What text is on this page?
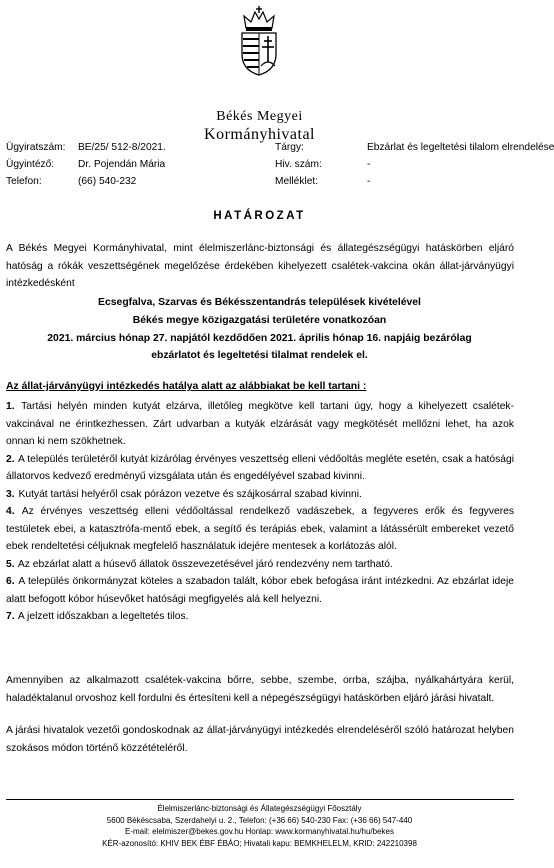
Békés Megyei
Kormányhivatal
Ügyiratszám:	BE/25/ 512-8/2021.
Ügyintéző:	Dr. Pojendán Mária
Telefon:	(66) 540-232
Tárgy:	Ebzárlat és legeltetési tilalom elrendelése
Hiv. szám:	-
Melléklet:	-
HATÁROZAT
A Békés Megyei Kormányhivatal, mint élelmiszerlánc-biztonsági és állategészségügyi hatáskörben eljáró hatóság a rókák veszettségének megelőzése érdekében kihelyezett csalétek-vakcina okán állat-járványügyi intézkedésként
Ecsegfalva, Szarvas és Békésszentandrás települések kivételével
Békés megye közigazgatási területére vonatkozóan
2021. március hónap 27. napjától kezdődően 2021. április hónap 16. napjáig bezárólag
ebzárlatot és legeltetési tilalmat rendelek el.
Az állat-járványügyi intézkedés hatálya alatt az alábbiakat be kell tartani :
1. Tartási helyén minden kutyát elzárva, illetőleg megkötve kell tartani úgy, hogy a kihelyezett csalétek-vakcinával ne érintkezhessen. Zárt udvarban a kutyák elzárását vagy megkötését mellőzni lehet, ha azok onnan ki nem szökhetnek.
2. A település területéről kutyát kizárólag érvényes veszettség elleni védőoltás megléte esetén, csak a hatósági állatorvos kedvező eredményű vizsgálata után és engedélyével szabad kivinni.
3. Kutyát tartási helyéről csak pórázon vezetve és szájkosárral szabad kivinni.
4. Az érvényes veszettség elleni védőoltással rendelkező vadászebek, a fegyveres erők és fegyveres testületek ebei, a katasztrófa-mentő ebek, a segítő és terápiás ebek, valamint a látássérült embereket vezető ebek rendeltetési céljuknak megfelelő használatuk idejére mentesek a korlátozás alól.
5. Az ebzárlat alatt a húsevő állatok összevezetésével járó rendezvény nem tartható.
6. A település önkormányzat köteles a szabadon talált, kóbor ebek befogása iránt intézkedni. Az ebzárlat ideje alatt befogott kóbor húsevőket hatósági megfigyelés alá kell helyezni.
7. A jelzett időszakban a legeltetés tilos.
Amennyiben az alkalmazott csalétek-vakcina bőrre, sebbe, szembe, orrba, szájba, nyálkahártyára kerül, haladéktalanul orvoshoz kell fordulni és értesíteni kell a népegészségügyi hatáskörben eljáró járási hivatalt.
A járási hivatalok vezetői gondoskodnak az állat-járványügyi intézkedés elrendeléséről szóló határozat helyben szokásos módon történő közzétételéről.
Élelmiszerlánc-biztonsági és Állategészségügyi Főosztály
5600 Békéscsaba, Szerdahelyi u. 2., Telefon: (+36 66) 540-230 Fax: (+36 66) 547-440
E-mail: elelmiszer@bekes.gov.hu Honlap: www.kormanyhivatal.hu/hu/bekes
KÉR-azonosító: KHIV BEK ÉBF ÉBÁO; Hivatali kapu: BEMKHELELM, KRID: 242210398
